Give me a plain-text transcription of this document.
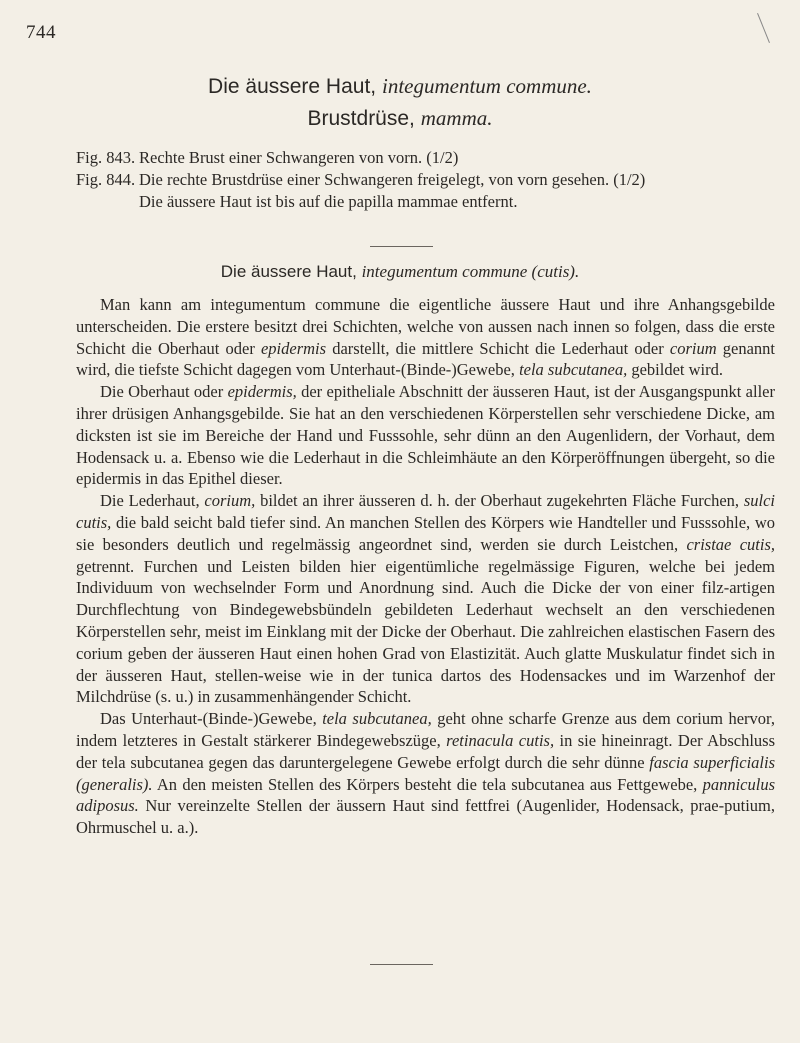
744
Die äussere Haut, integumentum commune.
Brustdrüse, mamma.
Fig. 843. Rechte Brust einer Schwangeren von vorn. (1/2)
Fig. 844. Die rechte Brustdrüse einer Schwangeren freigelegt, von vorn gesehen. (1/2)
Die äussere Haut ist bis auf die papilla mammae entfernt.
Die äussere Haut, integumentum commune (cutis).

Man kann am integumentum commune die eigentliche äussere Haut und ihre Anhangsgebilde unterscheiden. Die erstere besitzt drei Schichten, welche von aussen nach innen so folgen, dass die erste Schicht die Oberhaut oder epidermis darstellt, die mittlere Schicht die Lederhaut oder corium genannt wird, die tiefste Schicht dagegen vom Unterhaut-(Binde-)Gewebe, tela subcutanea, gebildet wird.

Die Oberhaut oder epidermis, der epitheliale Abschnitt der äusseren Haut, ist der Ausgangspunkt aller ihrer drüsigen Anhangsgebilde. Sie hat an den verschiedenen Körperstellen sehr verschiedene Dicke, am dicksten ist sie im Bereiche der Hand und Fusssohle, sehr dünn an den Augenlidern, der Vorhaut, dem Hodensack u. a. Ebenso wie die Lederhaut in die Schleimhäute an den Körperöffnungen übergeht, so die epidermis in das Epithel dieser.

Die Lederhaut, corium, bildet an ihrer äusseren d. h. der Oberhaut zugekehrten Fläche Furchen, sulci cutis, die bald seicht bald tiefer sind. An manchen Stellen des Körpers wie Handteller und Fusssohle, wo sie besonders deutlich und regelmässig angeordnet sind, werden sie durch Leistchen, cristae cutis, getrennt. Furchen und Leisten bilden hier eigentümliche regelmässige Figuren, welche bei jedem Individuum von wechselnder Form und Anordnung sind. Auch die Dicke der von einer filz-artigen Durchflechtung von Bindegewebsbündeln gebildeten Lederhaut wechselt an den verschiedenen Körperstellen sehr, meist im Einklang mit der Dicke der Oberhaut. Die zahlreichen elastischen Fasern des corium geben der äusseren Haut einen hohen Grad von Elastizität. Auch glatte Muskulatur findet sich in der äusseren Haut, stellen-weise wie in der tunica dartos des Hodensackes und im Warzenhof der Milchdrüse (s. u.) in zusammenhängender Schicht.

Das Unterhaut-(Binde-)Gewebe, tela subcutanea, geht ohne scharfe Grenze aus dem corium hervor, indem letzteres in Gestalt stärkerer Bindegewebszüge, retinacula cutis, in sie hineinragt. Der Abschluss der tela subcutanea gegen das daruntergelegene Gewebe erfolgt durch die sehr dünne fascia superficialis (generalis). An den meisten Stellen des Körpers besteht die tela subcutanea aus Fettgewebe, panniculus adiposus. Nur vereinzelte Stellen der äussern Haut sind fettfrei (Augenlider, Hodensack, prae-putium, Ohrmuschel u. a.).
